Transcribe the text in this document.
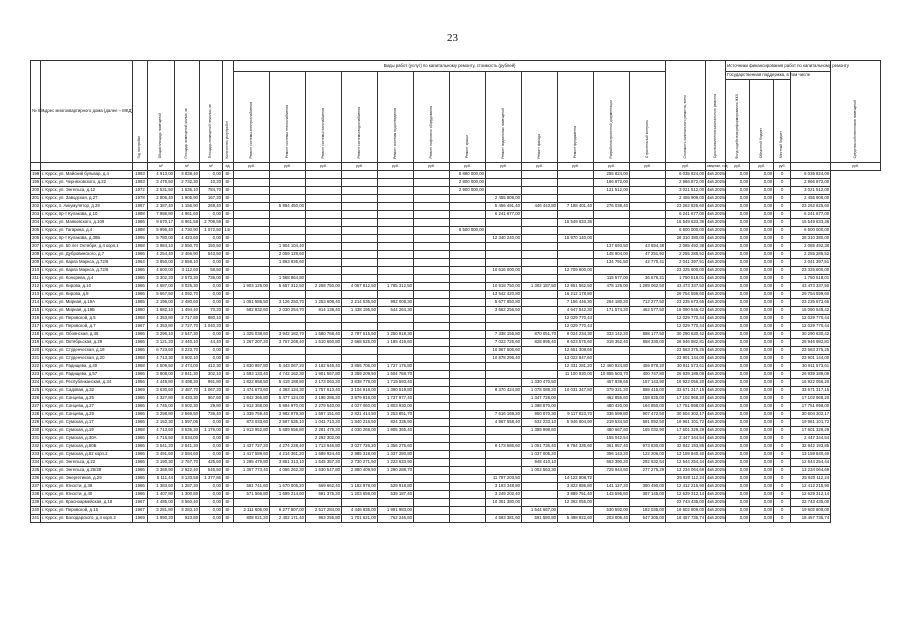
23
№ п/п	Адрес многоквартирного дома (далее – МКД)	Год постройки	Общая площадь помещений	Площадь помещений жилых, м²	Площадь помещений нежилых, м²	Количество услуг/работ	Виды работ (услуг) по капитальному ремонту, стоимость (рублей)												Стоимость капитального ремонта, всего	Срок выполнения капитального ремонта	Источники финансирования работ по капитальному ремонту				Средства собственников помещений
							Ремонт системы электроснабжения	Ремонт системы теплоснабжения	Ремонт системы газоснабжения	Ремонт системы водоснабжения	Ремонт системы водоотведения	Ремонт лифтового оборудования	Ремонт крыши	Ремонт подвальных помещений	Ремонт фасада	Ремонт фундамента	Разработка проектной документации	Строительный контроль			Государственная поддержка, в том числе				
																					Фонд содействия реформированию ЖКХ	Областной бюджет	Местный бюджет		
			м²	м²	м²	ед.	руб.	руб.	руб.	руб.	руб.	руб.	руб.	руб.	руб.	руб.	руб.	руб.	руб.	квартал, год	руб.	руб.	руб.		руб.
198	г. Курск, ул. Майский бульвар, д.4	1993	4 913,00	3 838,40	0,00	8/-							5 880 000,00				255 824,00		6 035 824,00	4кв.2025г.	0,00	0,00	0	6 035 824,00	
199	г. Курск, ул. Черняховского, д.22	1993	3 476,50	2 732,30	10,20	8/-							2 800 000,00				166 872,00		2 966 872,00	4кв.2025г.	0,00	0,00	0	2 966 872,00	
200	г. Курск, ул. Энгельса, д.12	1972	2 531,50	1 536,10	784,70	8/-							2 900 000,00				121 512,00		3 021 512,00	4кв.2025г.	0,00	0,00	0	3 021 512,00	
201	г. Курск, ул. Заводская, д.27	1978	2 806,40	1 905,90	167,20	8/-								2 455 909,00					2 455 909,00	4кв.2025г.	0,00	0,00	0	2 455 909,00	
202	г. Курск, п. Аккумулятор, д.29	1957	2 387,40	1 156,90	268,40	8/-		5 894 450,00						5 456 491,40	446 443,80	7 188 401,40	276 038,40		23 262 825,60	4кв.2025г.	0,00	0,00	0	23 262 825,60	
203	г. Курск, пр-т Кулакова, д.10	1988	7 986,80	4 961,60	0,00	8/-								6 241 677,00					6 241 677,00	4кв.2025г.	0,00	0,00	0	6 241 677,00	
204	г. Курск, ул. Маяковского, д.109	1986	9 670,17	6 961,58	2 708,59	8/-										15 549 633,36			15 549 633,36	4кв.2025г.	0,00	0,00	0	15 549 633,36	
205	г. Курск, ул. Гагарина, д.4	1988	5 996,40	4 730,90	1 072,50	14/-							6 500 000,00						6 500 000,00	4кв.2025г.	0,00	0,00	0	6 500 000,00	
206	г. Курск, пр-т Кулакова, д.38Б	1995	5 780,00	4 423,60	0,00	8/-								12 340 240,00		15 970 140,00			28 310 380,00	4кв.2025г.	0,00	0,00	0	28 310 380,00	
207	г. Курск, ул. 50 лет Октября, д.4 корп.1	1968	3 984,10	2 550,70	150,50	8/-		1 904 104,40									137 693,50	43 694,48	2 085 492,38	4кв.2025г.	0,00	0,00	0	2 085 492,38	
208	г. Курск, ул. Дубровинского, д.7	1966	4 254,40	2 466,90	543,50	8/-		2 059 129,60									148 904,00	47 251,92	2 255 285,52	4кв.2025г.	0,00	0,00	0	2 255 285,52	
209	г. Курск, ул. Карла Маркса, д.72/9	1964	3 850,00	2 558,10	0,00	8/-		1 863 935,60									134 791,50	42 770,41	2 041 397,51	4кв.2025г.	0,00	0,00	0	2 041 397,51	
210	г. Курск, ул. Карла Маркса, д.72/9	1966	4 600,00	3 112,60	58,50	8/-								10 616 000,00		12 709 600,00			23 325 600,00	4кв.2025г.	0,00	0,00	0	23 325 600,00	
211	г. Курск, ул. Конорева, д.4	1966	3 302,20	2 573,20	736,00	8/-		1 568 864,80									115 577,00	36 676,21	1 750 518,01	4кв.2025г.	0,00	0,00	0	1 750 518,01	
212	г. Курск, ул. Кирова, д.10	1966	4 687,00	3 025,30	0,00	8/-	1 903 125,00	5 657 312,50	2 258 750,00	4 067 812,50	1 785 312,50			10 918 750,00	1 302 187,50	12 951 562,50	478 125,00	1 289 062,50	43 473 337,50	4кв.2025г.	0,00	0,00	0	43 473 337,50	
213	г. Курск, ул. Кирова, д.8	1966	5 667,50	4 092,70	0,00	8/-								13 542 420,80		16 212 178,80			29 754 599,60	4кв.2025г.	0,00	0,00	0	29 754 599,60	
214	г. Курск, ул. Мирная, д.19А	1985	2 196,00	2 480,60	0,00	8/-	1 051 586,50	3 126 250,70	1 253 608,40	2 214 535,50	992 008,30			5 677 950,80		7 156 446,30	264 180,20	712 277,50	23 235 673,65	4кв.2025г.	0,00	0,00	0	23 235 673,65	
215	г. Курск, ул. Мирная, д.19Б	1980	1 682,10	1 494,40	70,20	8/-	682 932,60	2 030 254,70	814 138,40	1 438 195,50	644 264,30			3 662 256,50		4 647 542,30	171 574,20	462 577,50	15 090 545,42	4кв.2025г.	0,00	0,00	0	15 090 545,42	
216	г. Курск, ул. Перовской, д.5	1968	4 353,80	2 717,80	880,10	8/-										12 029 770,44			12 029 770,44	4кв.2025г.	0,00	0,00	0	12 029 770,44	
217	г. Курск, ул. Перовской, д.7	1967	4 353,80	2 727,70	1 040,20	8/-										12 029 770,44			12 029 770,44	4кв.2025г.	0,00	0,00	0	12 029 770,44	
218	г. Курск, ул. Обоянская, д.46	1966	3 296,10	2 547,30	0,00	8/-	1 325 038,60	3 942 182,70	1 580 768,40	2 787 515,50	1 250 918,30			7 338 155,80	870 051,70	9 024 234,30	333 142,20	898 177,50	30 290 630,42	4кв.2025г.	0,00	0,00	0	30 290 630,42	
219	г. Курск, ул. Октябрьская, д.28	1966	3 121,20	2 440,10	44,40	8/-	1 267 207,20	3 767 268,40	1 510 660,80	2 668 525,00	1 195 419,60			7 023 725,60	828 995,40	8 623 575,60	318 352,40	858 330,00	28 946 982,81	4кв.2025г.	0,00	0,00	0	28 946 982,81	
220	г. Курск, ул. Студенческая, д.18	1966	6 723,60	3 223,70	0,00	8/-								10 967 606,60		12 651 308,65			23 663 375,25	4кв.2025г.	0,00	0,00	0	23 663 375,25	
221	г. Курск, ул. Студенческая, д.20	1968	4 713,30	3 502,10	0,00	8/-								10 878 296,40		13 022 847,60			23 901 144,00	4кв.2025г.	0,00	0,00	0	23 901 144,00	
222	г. Курск, ул. Радищева, д.40	1968	4 509,50	2 474,00	412,30	8/-	1 830 997,80	5 443 067,20	2 182 646,40	3 855 706,00	1 727 176,80					12 331 281,20	12 460 924,80	459 978,20	30 911 573,61	4кв.2025г.	0,00	0,00	0	30 911 573,61	
223	г. Курск, ул. Радищева, д.57	1966	3 808,00	2 841,30	302,10	8/-	1 593 133,40	4 742 162,30	1 901 567,80	3 359 209,50	1 504 768,70					11 100 930,00	10 855 503,70	400 747,80	26 939 189,08	4кв.2025г.	0,00	0,00	0	26 939 189,08	
224	г. Курск, ул. Республиканская, д.34	1956	4 449,80	3 498,20	991,80	8/-	1 822 858,50	5 419 188,80	2 173 063,20	3 838 779,00	1 719 593,40				1 330 470,50		457 939,65	157 143,90	16 922 056,20	4кв.2025г.	0,00	0,00	0	16 922 056,20	
225	г. Курск, ул. Садовая, д.32	1969	3 630,60	2 487,70	1 067,20	8/-	1 474 673,60	4 383 134,30	1 757 613,40	3 104 919,00	1 390 519,80			8 370 424,80	1 078 088,20	10 031 347,80	379 321,20	898 415,00	33 671 317,15	4кв.2025г.	0,00	0,00	0	33 671 317,15	
226	г. Курск, ул. Сонцева, д.25	1966	4 327,80	3 433,30	967,60	8/-	1 842 366,80	5 477 124,00	2 196 286,20	3 879 819,00	1 737 977,40				1 347 726,00		462 855,60	158 825,00	17 102 968,20	4кв.2025г.	0,00	0,00	0	17 102 968,20	
227	г. Курск, ул. Сонцева, д.27	1966	4 746,00	3 502,30	29,80	8/-	1 912 368,00	5 684 970,00	2 279 640,00	4 027 060,00	1 803 930,00				1 398 870,00		480 420,00	164 850,00	17 751 998,00	4кв.2025г.	0,00	0,00	0	17 751 998,00	
228	г. Курск, ул. Сонцева, д.29	1966	3 298,80	2 569,50	736,40	8/-	1 339 759,40	3 982 979,30	1 597 151,60	2 821 414,50	1 253 851,70			7 616 169,20	950 070,30	9 117 823,70	336 599,80	907 472,50	30 604 302,17	4кв.2025г.	0,00	0,00	0	30 604 302,17	
229	г. Курск, ул. Сумская, д.17	1966	2 152,30	1 597,06	0,00	8/-	873 033,60	2 597 535,10	1 041 713,20	1 840 216,50	824 335,90			4 967 558,40	632 233,10	5 946 804,90	219 534,50	591 892,50	19 961 101,72	4кв.2025г.	0,00	0,00	0	19 961 101,72	
230	г. Курск, ул. Сумская, д.19	1968	4 713,60	3 535,20	1 176,00	8/-	1 913 952,80	5 689 556,80	2 281 479,20	4 030 269,00	1 805 365,40				1 399 998,60		480 667,60	165 032,90	17 601 329,29	4кв.2025г.	0,00	0,00	0	17 601 329,29	
231	г. Курск, ул. Сумская, д.30А	1966	4 715,50	3 534,00	0,00	8/-			2 292 302,00								155 042,54		2 447 344,54	4кв.2025г.	0,00	0,00	0	2 447 344,54	
232	г. Курск, ул. Сумская, д.50Б	1966	3 541,20	2 541,20	0,00	8/-	1 437 727,20	4 274 228,40	1 713 946,80	3 027 726,20	1 356 275,60			8 173 586,60	1 051 736,40	9 784 335,60	361 957,40	973 830,00	32 842 193,85	4кв.2025г.	0,00	0,00	0	32 842 193,85	
233	г. Курск, ул. Сумская, д.52 корп.2	1966	3 491,60	2 594,60	0,00	8/-	1 417 589,60	4 214 361,20	1 689 924,40	2 985 318,00	1 337 280,80				1 037 005,20		356 143,20	122 206,00	13 159 840,40	4кв.2025г.	0,00	0,00	0	13 159 840,40	
234	г. Курск, ул. Энгельса, д.22	1966	3 190,30	2 767,70	425,60	8/-	1 295 479,80	3 851 313,10	1 545 357,20	2 730 271,50	1 223 633,90				948 410,10		663 390,20	292 632,64	12 544 254,44	4кв.2025г.	0,00	0,00	0	12 544 254,44	
235	г. Курск, ул. Энгельса, д.26/28	1966	3 368,90	2 822,40	546,50	8/-	1 367 773,40	4 066 262,30	1 630 547,80	2 880 409,50	1 290 288,70				1 002 563,30		729 944,60	277 275,29	13 234 064,69	4кв.2025г.	0,00	0,00	0	13 234 064,69	
236	г. Курск, ул. Энергетиков, д.29	1966	5 111,44	3 133,58	1 377,86	8/-								11 797 203,50		14 122 908,72			25 920 112,24	4кв.2025г.	0,00	0,00	0	25 920 112,24	
237	г. Курск, ул. Юности, д.38	1966	1 383,60	1 287,20	0,00	8/-	561 741,60	1 670 005,20	669 662,40	1 182 978,00	529 918,80			3 193 348,80		3 822 886,80	141 127,20	380 490,00	12 412 215,90	4кв.2025г.	0,00	0,00	0	12 412 215,90	
238	г. Курск, ул. Юности, д.40	1966	1 407,80	1 300,80	0,00	8/-	571 566,80	1 699 214,60	681 375,20	1 203 659,00	539 187,40			3 249 202,40		3 889 751,40	143 595,60	387 145,00	12 629 312,14	4кв.2025г.	0,00	0,00	0	12 629 312,14	
239	г. Курск, ул. Красноармейская, д.18	1967	4 485,00	3 560,40	0,00	8/-								10 351 380,00		12 392 055,00			22 743 435,00	4кв.2025г.	0,00	0,00	0	22 743 435,00	
240	г. Курск, ул. Перовской, д.15	1967	3 281,80	3 283,10	0,00	8/-	2 111 606,00	6 277 807,00	2 517 284,00	4 446 835,00	1 991 983,00				1 544 667,00		530 592,00	182 035,00	19 602 809,00	4кв.2025г.	0,00	0,00	0	19 602 809,00	
241	г. Курск, ул. Володарского, д.4 корп.2	1969	1 990,20	923,80	0,00	8/-	808 021,20	2 402 171,40	963 255,80	1 701 621,00	762 246,60			4 593 381,60	591 580,80	5 498 922,60	203 006,40	547 305,00	18 457 735,74	4кв.2025г.	0,00	0,00	0	18 457 735,74	
